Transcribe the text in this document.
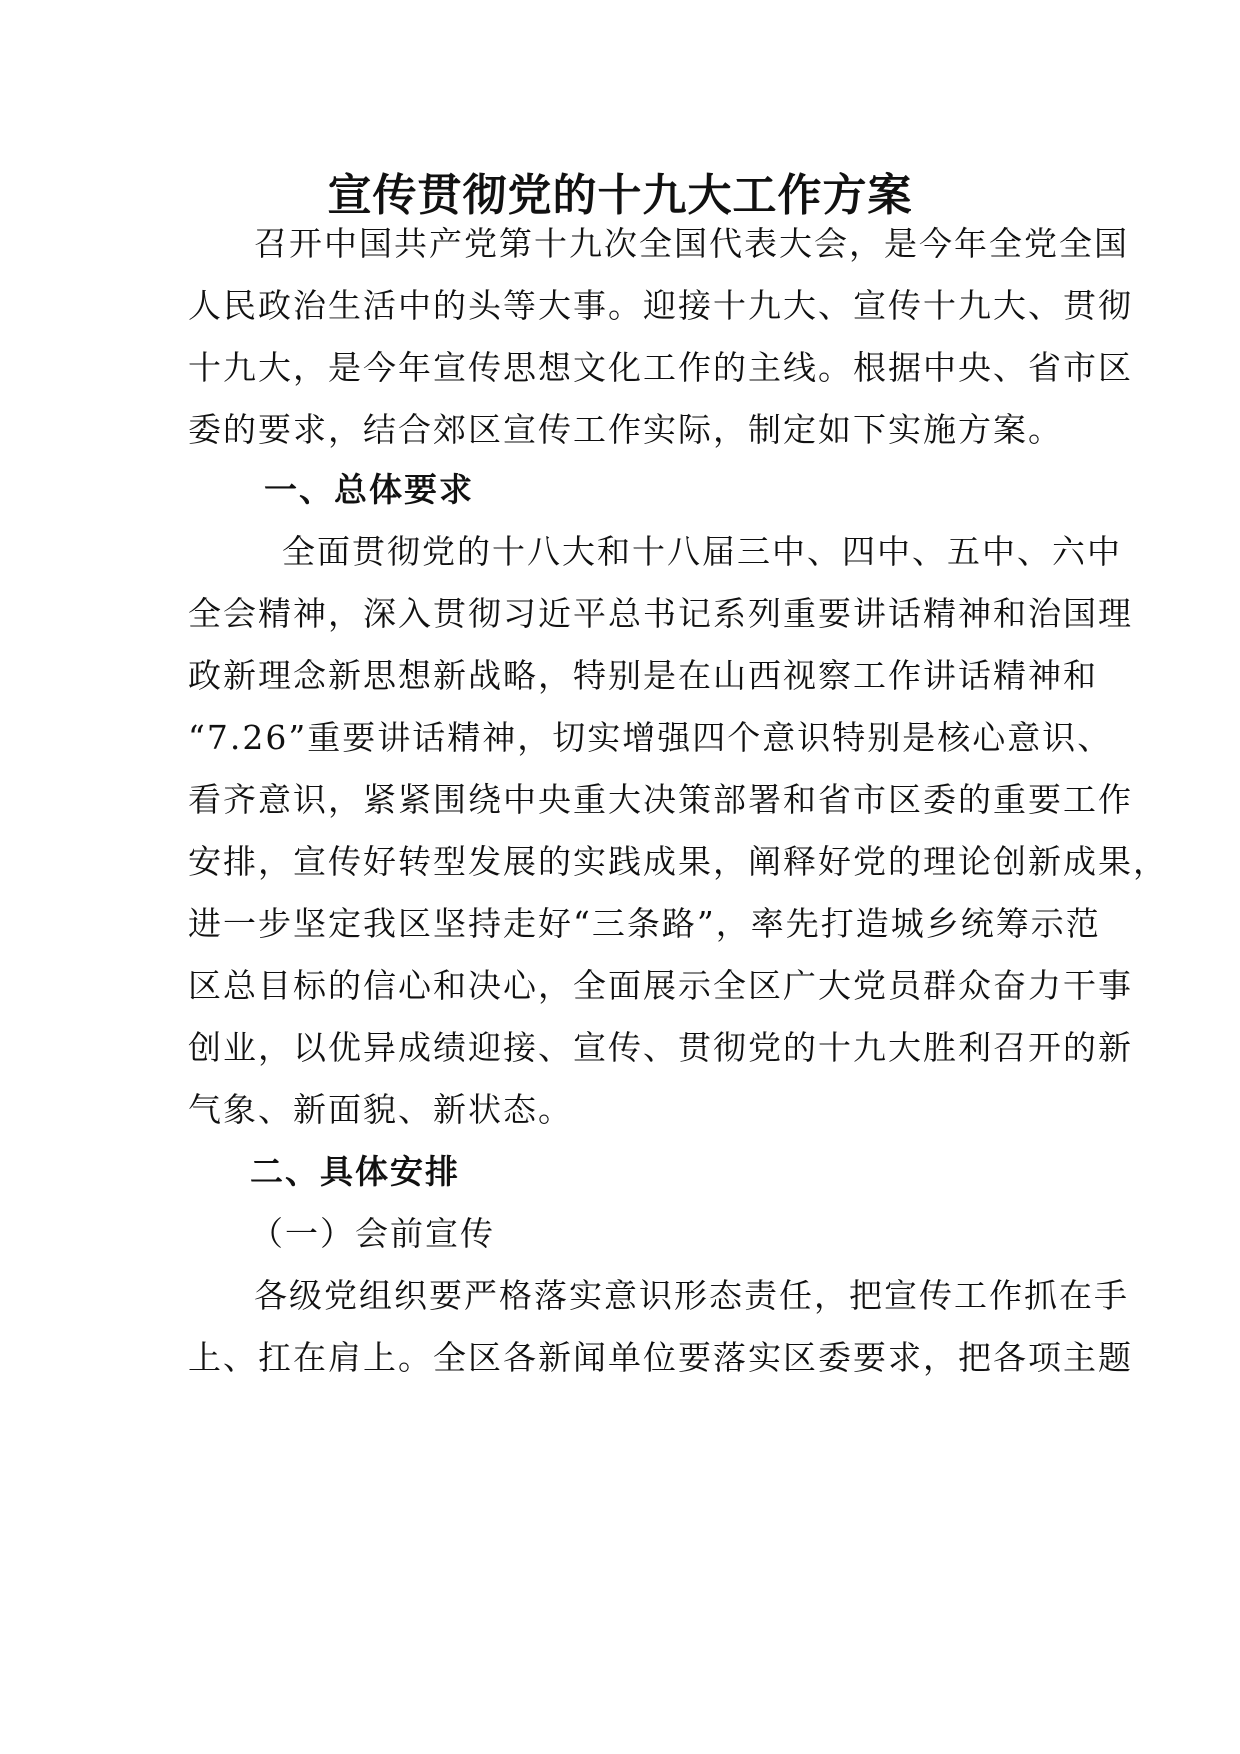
宣传贯彻党的十九大工作方案

召开中国共产党第十九次全国代表大会，是今年全党全国

人民政治生活中的头等大事。迎接十九大、宣传十九大、贯彻

十九大，是今年宣传思想文化工作的主线。根据中央、省市区

委的要求，结合郊区宣传工作实际，制定如下实施方案。

一、总体要求

全面贯彻党的十八大和十八届三中、四中、五中、六中

全会精神，深入贯彻习近平总书记系列重要讲话精神和治国理

政新理念新思想新战略，特别是在山西视察工作讲话精神和

“7.26”重要讲话精神，切实增强四个意识特别是核心意识、

看齐意识，紧紧围绕中央重大决策部署和省市区委的重要工作

安排，宣传好转型发展的实践成果，阐释好党的理论创新成果，

进一步坚定我区坚持走好“三条路”，率先打造城乡统筹示范

区总目标的信心和决心，全面展示全区广大党员群众奋力干事

创业，以优异成绩迎接、宣传、贯彻党的十九大胜利召开的新

气象、新面貌、新状态。

二、具体安排

（一）会前宣传

各级党组织要严格落实意识形态责任，把宣传工作抓在手

上、扛在肩上。全区各新闻单位要落实区委要求，把各项主题
